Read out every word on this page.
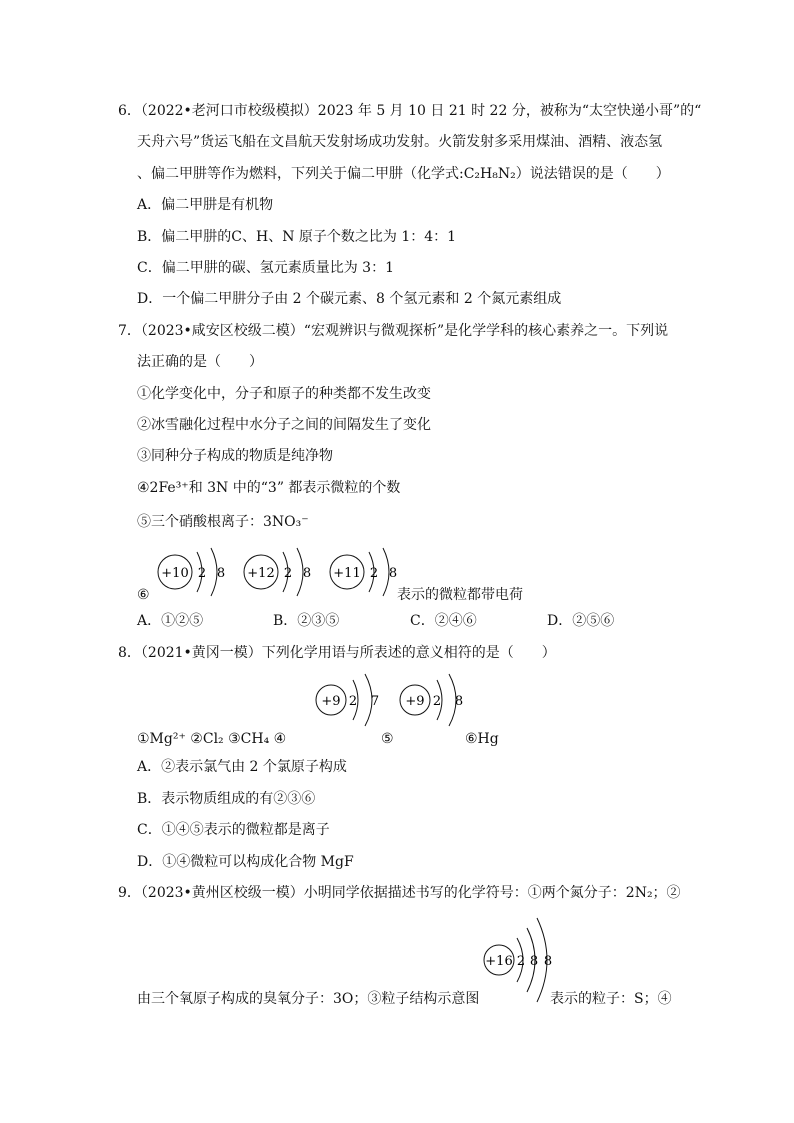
6．（2022•老河口市校级模拟）2023 年 5 月 10 日 21 时 22 分，被称为“太空快递小哥”的“
天舟六号”货运飞船在文昌航天发射场成功发射。火箭发射多采用煤油、酒精、液态氢
、偏二甲肼等作为燃料，下列关于偏二甲肼（化学式:C₂H₈N₂）说法错误的是（　　）
A．偏二甲肼是有机物
B．偏二甲肼的C、H、N 原子个数之比为 1：4：1
C．偏二甲肼的碳、氢元素质量比为 3：1
D．一个偏二甲肼分子由 2 个碳元素、8 个氢元素和 2 个氮元素组成
7．（2023•咸安区校级二模）“宏观辨识与微观探析”是化学学科的核心素养之一。下列说
法正确的是（　　）
①化学变化中，分子和原子的种类都不发生改变
②冰雪融化过程中水分子之间的间隔发生了变化
③同种分子构成的物质是纯净物
④2Fe³⁺和 3N 中的“3” 都表示微粒的个数
⑤三个硝酸根离子：3NO₃⁻
+10 2 8 +12 2 8 +11 2 8
⑥	表示的微粒都带电荷
A．①②⑤	B．②③⑤	C．②④⑥	D．②⑤⑥
8．（2021•黄冈一模）下列化学用语与所表述的意义相符的是（　　）
+9 2 7 +9 2 8
①Mg²⁺ ②Cl₂ ③CH₄ ④	⑤	⑥Hg
A．②表示氯气由 2 个氯原子构成
B．表示物质组成的有②③⑥
C．①④⑤表示的微粒都是离子
D．①④微粒可以构成化合物 MgF
9．（2023•黄州区校级一模）小明同学依据描述书写的化学符号：①两个氮分子：2N₂；②
+16 2 8 8
由三个氧原子构成的臭氧分子：3O；③粒子结构示意图	表示的粒子：S；④
